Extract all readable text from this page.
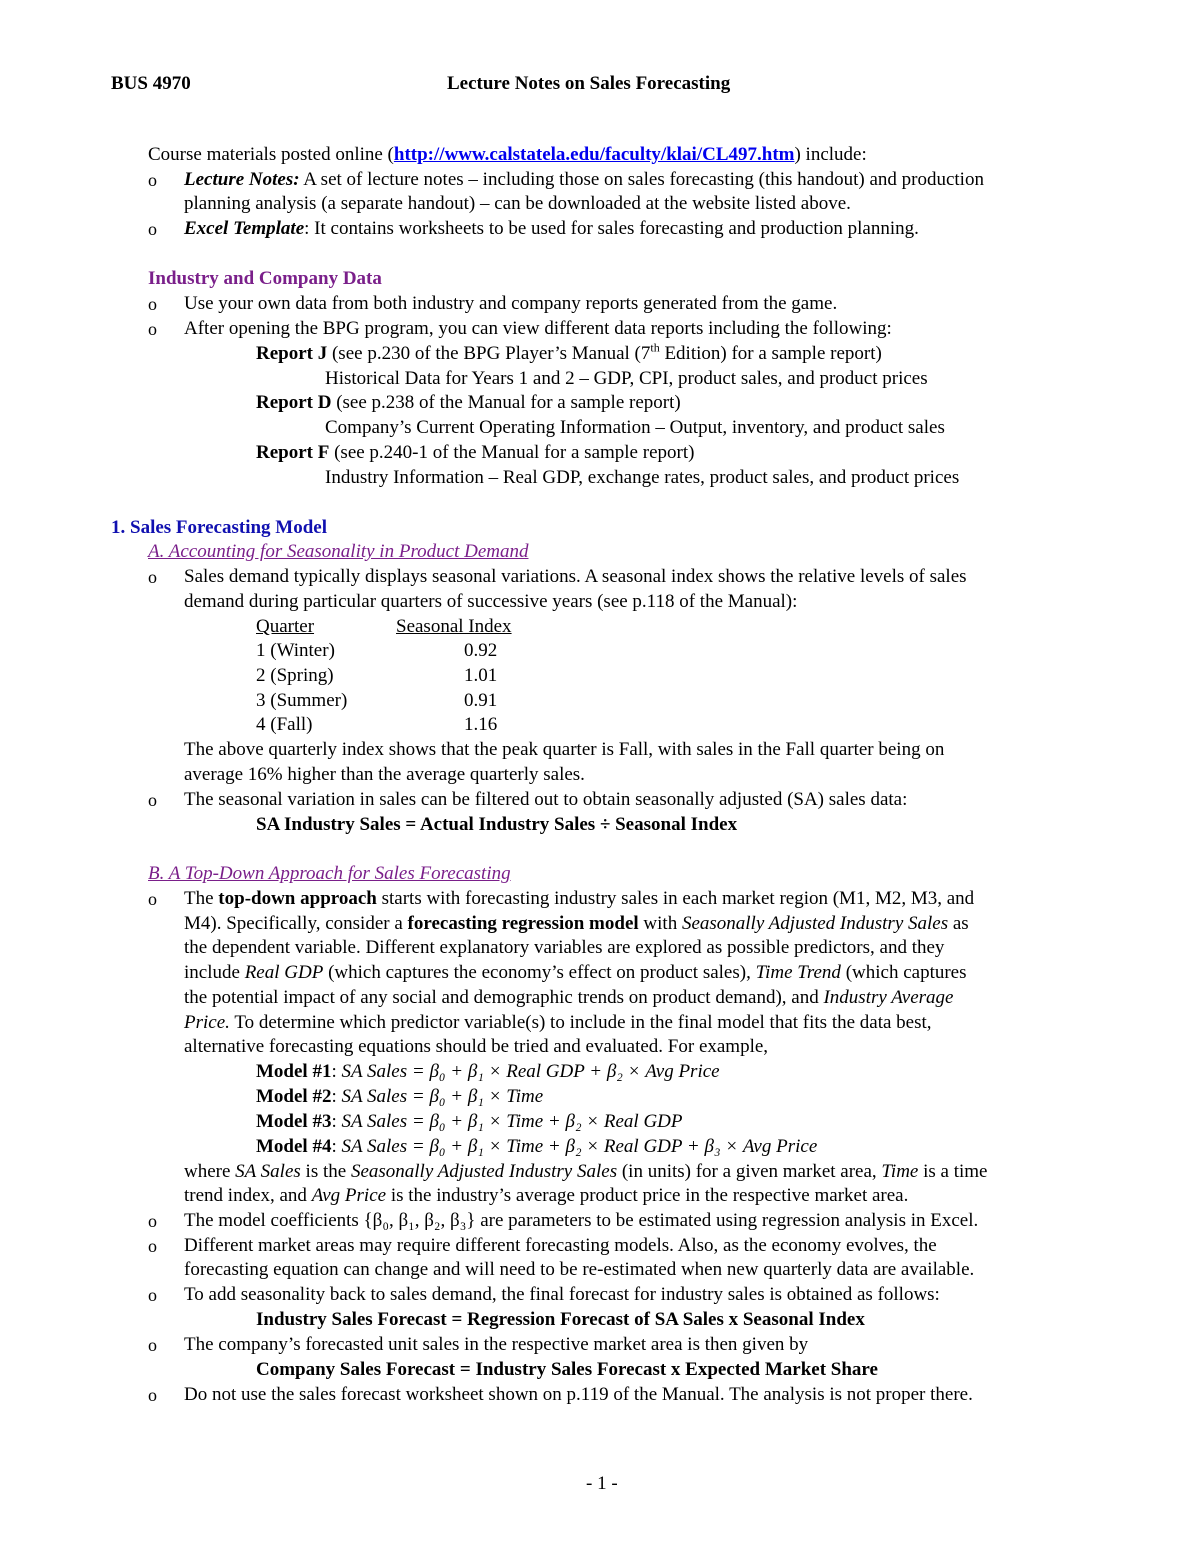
BUS 4970	Lecture Notes on Sales Forecasting
Course materials posted online (http://www.calstatela.edu/faculty/klai/CL497.htm) include:
o Lecture Notes: A set of lecture notes – including those on sales forecasting (this handout) and production
planning analysis (a separate handout) – can be downloaded at the website listed above.
o Excel Template: It contains worksheets to be used for sales forecasting and production planning.
Industry and Company Data
o Use your own data from both industry and company reports generated from the game.
o After opening the BPG program, you can view different data reports including the following:
Report J (see p.230 of the BPG Player’s Manual (7th Edition) for a sample report)
Historical Data for Years 1 and 2 – GDP, CPI, product sales, and product prices
Report D (see p.238 of the Manual for a sample report)
Company’s Current Operating Information – Output, inventory, and product sales
Report F (see p.240-1 of the Manual for a sample report)
Industry Information – Real GDP, exchange rates, product sales, and product prices
1. Sales Forecasting Model
A. Accounting for Seasonality in Product Demand
o Sales demand typically displays seasonal variations. A seasonal index shows the relative levels of sales
demand during particular quarters of successive years (see p.118 of the Manual):
Quarter	Seasonal Index
1 (Winter)	0.92
2 (Spring)	1.01
3 (Summer)	0.91
4 (Fall)	1.16
The above quarterly index shows that the peak quarter is Fall, with sales in the Fall quarter being on
average 16% higher than the average quarterly sales.
o The seasonal variation in sales can be filtered out to obtain seasonally adjusted (SA) sales data:
SA Industry Sales = Actual Industry Sales ÷ Seasonal Index
B. A Top-Down Approach for Sales Forecasting
o The top-down approach starts with forecasting industry sales in each market region (M1, M2, M3, and
M4). Specifically, consider a forecasting regression model with Seasonally Adjusted Industry Sales as
the dependent variable. Different explanatory variables are explored as possible predictors, and they
include Real GDP (which captures the economy’s effect on product sales), Time Trend (which captures
the potential impact of any social and demographic trends on product demand), and Industry Average
Price. To determine which predictor variable(s) to include in the final model that fits the data best,
alternative forecasting equations should be tried and evaluated. For example,
Model #1: SA Sales = β₀ + β₁ × Real GDP + β₂ × Avg Price
Model #2: SA Sales = β₀ + β₁ × Time
Model #3: SA Sales = β₀ + β₁ × Time + β₂ × Real GDP
Model #4: SA Sales = β₀ + β₁ × Time + β₂ × Real GDP + β₃ × Avg Price
where SA Sales is the Seasonally Adjusted Industry Sales (in units) for a given market area, Time is a time
trend index, and Avg Price is the industry’s average product price in the respective market area.
o The model coefficients {β₀, β₁, β₂, β₃} are parameters to be estimated using regression analysis in Excel.
o Different market areas may require different forecasting models. Also, as the economy evolves, the
forecasting equation can change and will need to be re-estimated when new quarterly data are available.
o To add seasonality back to sales demand, the final forecast for industry sales is obtained as follows:
Industry Sales Forecast = Regression Forecast of SA Sales x Seasonal Index
o The company’s forecasted unit sales in the respective market area is then given by
Company Sales Forecast = Industry Sales Forecast x Expected Market Share
o Do not use the sales forecast worksheet shown on p.119 of the Manual. The analysis is not proper there.
- 1 -
